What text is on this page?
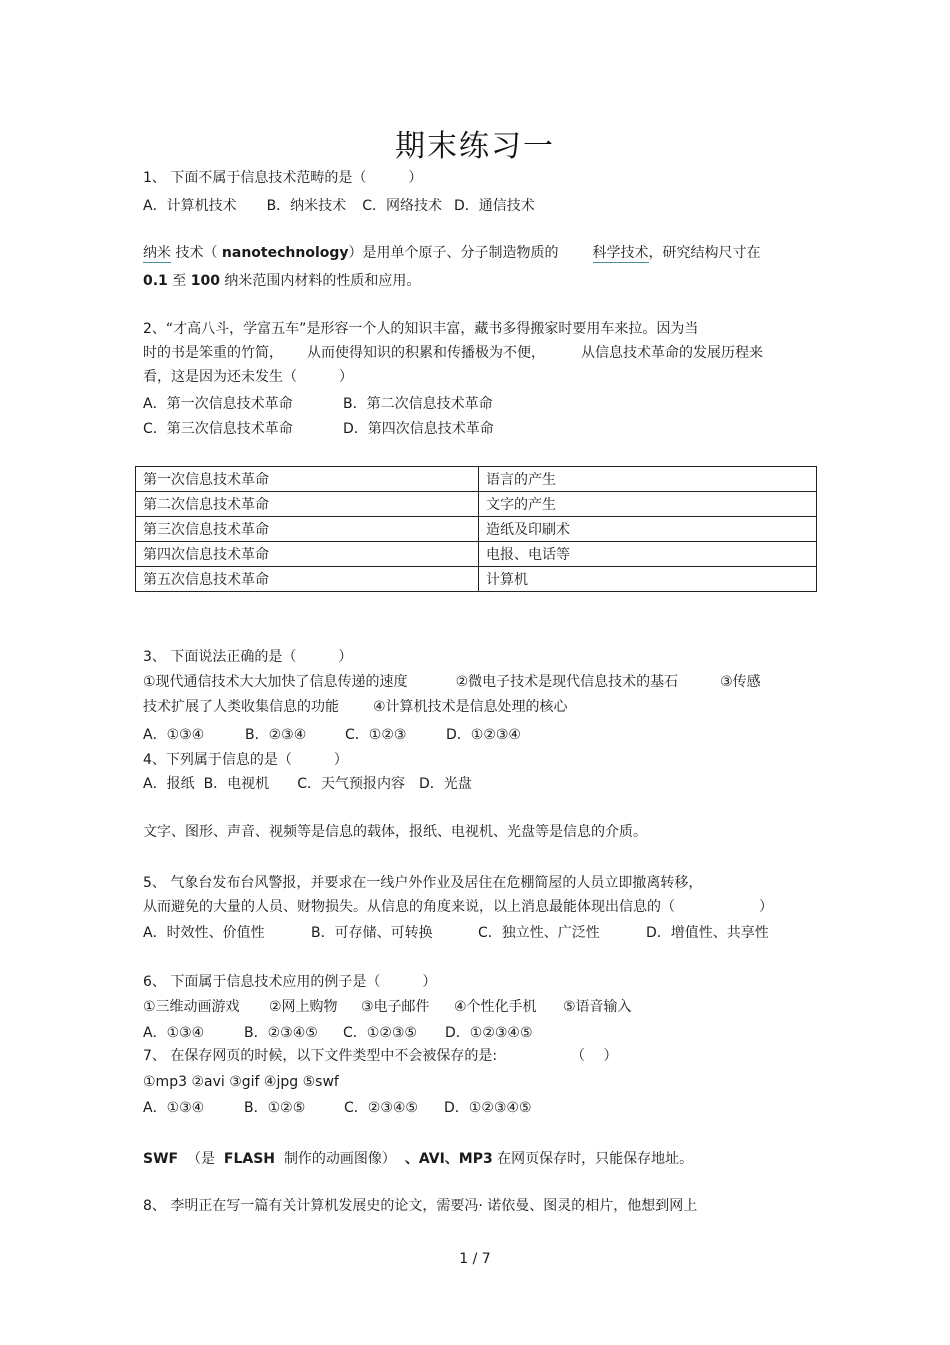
期末练习一
1、 下面不属于信息技术范畴的是（　　　）
A．计算机技术 B．纳米技术 C．网络技术 D．通信技术
纳米 技术（ nanotechnology）是用单个原子、分子制造物质的 科学技术，研究结构尺寸在
0.1 至 100 纳米范围内材料的性质和应用。
2、“才高八斗，学富五车”是形容一个人的知识丰富，藏书多得搬家时要用车来拉。因为当
时的书是笨重的竹简， 从而使得知识的积累和传播极为不便，	从信息技术革命的发展历程来
看，这是因为还未发生（　　　）
A．第一次信息技术革命	B．第二次信息技术革命
C．第三次信息技术革命	D．第四次信息技术革命
第一次信息技术革命	语言的产生
第二次信息技术革命	文字的产生
第三次信息技术革命	造纸及印刷术
第四次信息技术革命	电报、电话等
第五次信息技术革命	计算机
3、 下面说法正确的是（　　　）
①现代通信技术大大加快了信息传递的速度	②微电子技术是现代信息技术的基石	③传感
技术扩展了人类收集信息的功能 ④计算机技术是信息处理的核心
A．①③④	B．②③④	C．①②③	D．①②③④
4、下列属于信息的是（　　　）
A．报纸 B．电视机 C．天气预报内容 D．光盘
文字、图形、声音、视频等是信息的载体，报纸、电视机、光盘等是信息的介质。
5、 气象台发布台风警报，并要求在一线户外作业及居住在危棚简屋的人员立即撤离转移，
从而避免的大量的人员、财物损失。从信息的角度来说，以上消息最能体现出信息的（	）
A．时效性、价值性	B．可存储、可转换	C．独立性、广泛性	D．增值性、共享性
6、 下面属于信息技术应用的例子是（　　　）
①三维动画游戏 ②网上购物 ③电子邮件 ④个性化手机 ⑤语音输入
A．①③④	B．②③④⑤ C．①②③⑤ D．①②③④⑤
7、 在保存网页的时候，以下文件类型中不会被保存的是:	（　 ）
①mp3 ②avi ③gif ④jpg ⑤swf
A．①③④	B．①②⑤	C．②③④⑤ D．①②③④⑤
SWF （是 FLASH 制作的动画图像） 、AVI、MP3 在网页保存时，只能保存地址。
8、 李明正在写一篇有关计算机发展史的论文，需要冯· 诺依曼、图灵的相片，他想到网上
1 / 7
